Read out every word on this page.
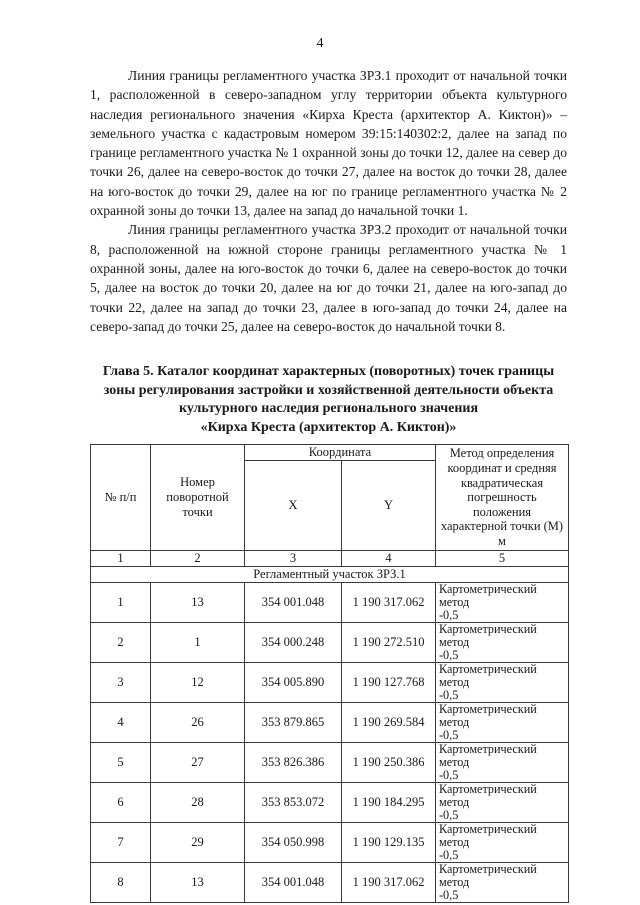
4

Линия границы регламентного участка ЗРЗ.1 проходит от начальной точки 1, расположенной в северо-западном углу территории объекта культурного наследия регионального значения «Кирха Креста (архитектор А. Киктон)» – земельного участка с кадастровым номером 39:15:140302:2, далее на запад по границе регламентного участка № 1 охранной зоны до точки 12, далее на север до точки 26, далее на северо-восток до точки 27, далее на восток до точки 28, далее на юго-восток до точки 29, далее на юг по границе регламентного участка № 2 охранной зоны до точки 13, далее на запад до начальной точки 1.

Линия границы регламентного участка ЗРЗ.2 проходит от начальной точки 8, расположенной на южной стороне границы регламентного участка № 1 охранной зоны, далее на юго-восток до точки 6, далее на северо-восток до точки 5, далее на восток до точки 20, далее на юг до точки 21, далее на юго-запад до точки 22, далее на запад до точки 23, далее в юго-запад до точки 24, далее на северо-запад до точки 25, далее на северо-восток до начальной точки 8.

Глава 5. Каталог координат характерных (поворотных) точек границы
зоны регулирования застройки и хозяйственной деятельности объекта
культурного наследия регионального значения
«Кирха Креста (архитектор А. Киктон)»
№ п/п	Номер поворотной точки	Координата		Метод определения координат и средняя квадратическая погрешность положения характерной точки (М) м
		X	Y	
1	2	3	4	5
Регламентный участок ЗРЗ.1				
1	13	354 001.048	1 190 317.062	Картометрический метод
-0,5

2	1	354 000.248	1 190 272.510	Картометрический метод
-0,5

3	12	354 005.890	1 190 127.768	Картометрический метод
-0,5

4	26	353 879.865	1 190 269.584	Картометрический метод
-0,5

5	27	353 826.386	1 190 250.386	Картометрический метод
-0,5

6	28	353 853.072	1 190 184.295	Картометрический метод
-0,5

7	29	354 050.998	1 190 129.135	Картометрический метод
-0,5

8	13	354 001.048	1 190 317.062	Картометрический метод
-0,5
